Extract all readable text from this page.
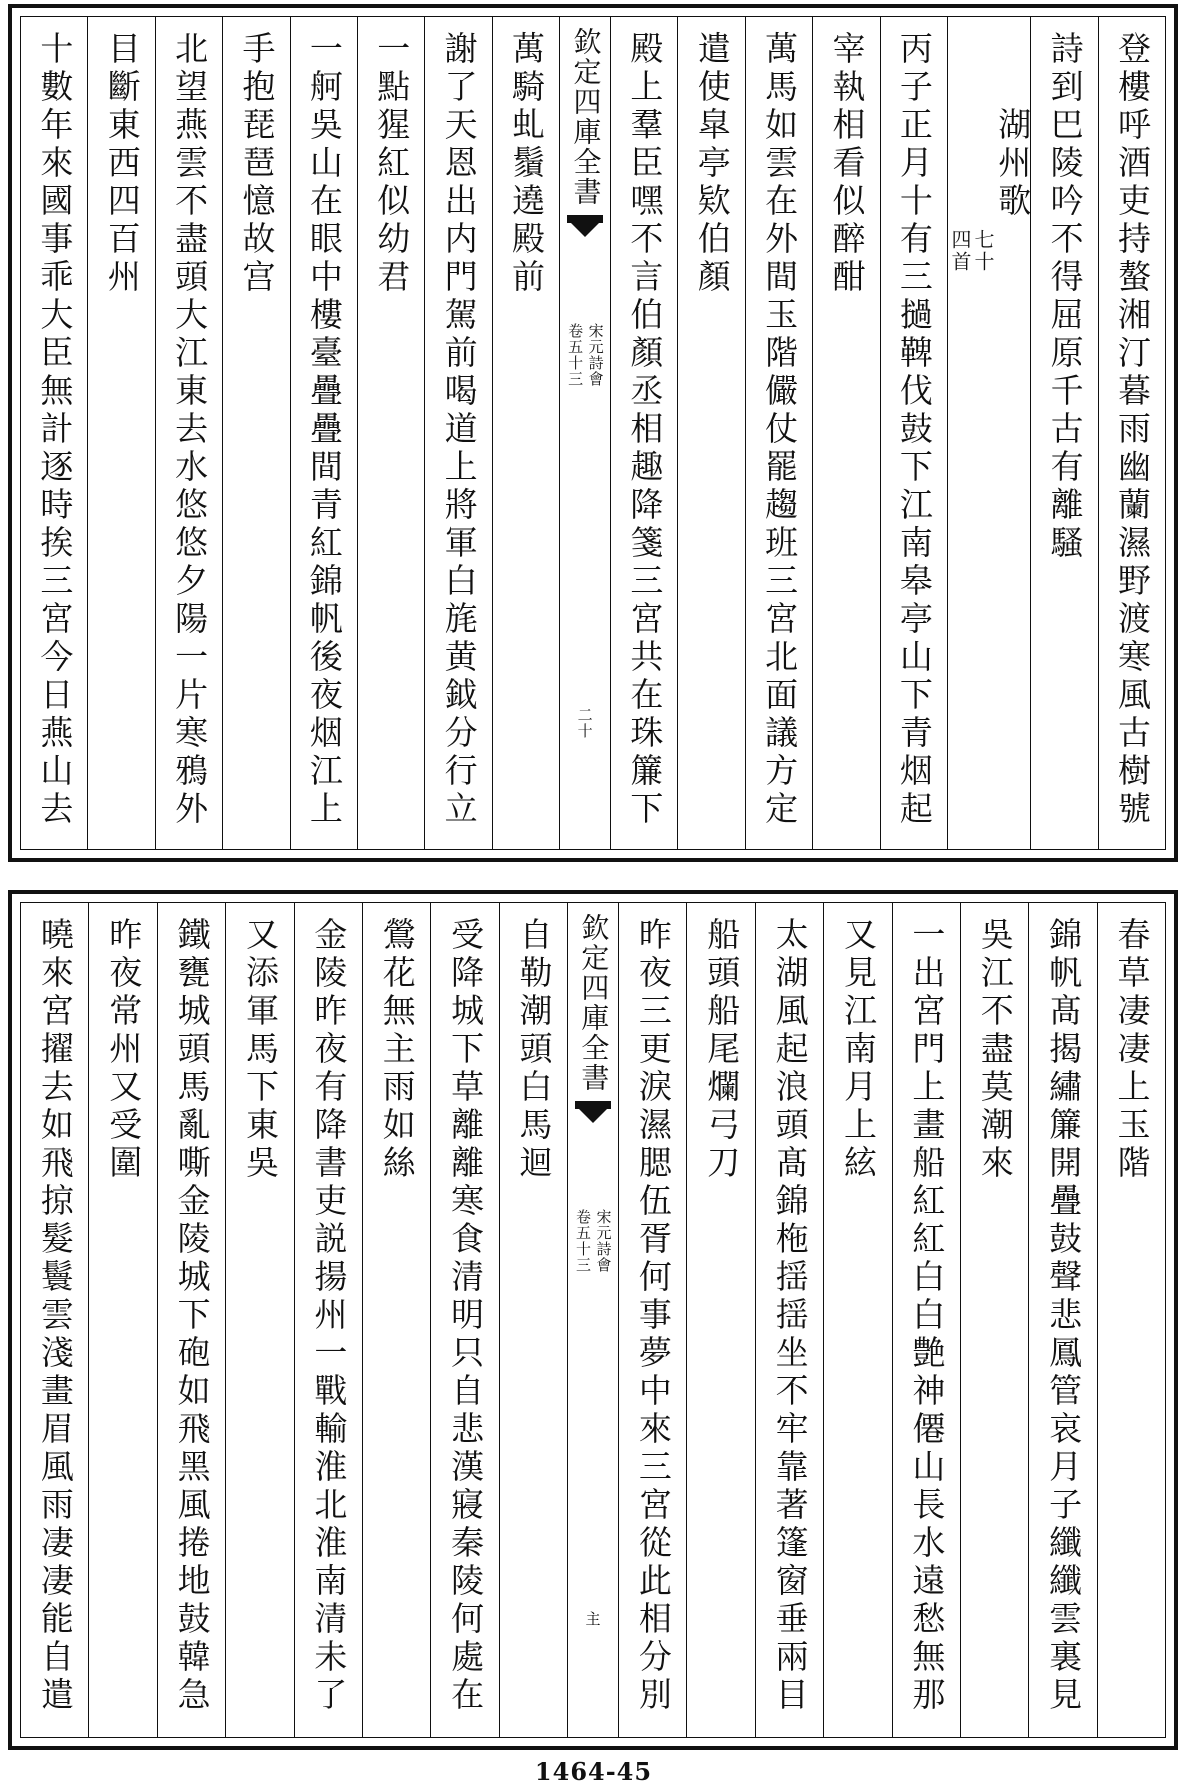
登樓呼酒吏持螯湘汀暮雨幽蘭濕野渡寒風古樹號
詩到巴陵吟不得屈原千古有離騷
湖州歌
七十
四首
丙子正月十有三撾鞞伐鼓下江南皋亭山下青烟起
宰執相看似醉酣
萬馬如雲在外間玉階儼仗罷趨班三宮北面議方定
遣使皐亭欵伯顏
殿上羣臣嘿不言伯顏丞相趣降箋三宮共在珠簾下
欽定四庫全書
宋元詩會
卷五十三
二十
萬騎虬鬚遶殿前
謝了天恩出内門駕前喝道上將軍白旄黄鉞分行立
一點猩紅似幼君
一舸吳山在眼中樓臺疊疊間青紅錦帆後夜烟江上
手抱琵琶憶故宫
北望燕雲不盡頭大江東去水悠悠夕陽一片寒鴉外
目斷東西四百州
十數年來國事乖大臣無計逐時挨三宮今日燕山去
春草凄凄上玉階
錦帆髙揭繡簾開疊鼓聲悲鳳管哀月子纖纖雲裏見
吳江不盡莫潮來
一出宮門上畫船紅紅白白艶神僊山長水遠愁無那
又見江南月上絃
太湖風起浪頭髙錦柂揺揺坐不牢靠著篷窗垂兩目
船頭船尾爛弓刀
昨夜三更淚濕腮伍胥何事夢中來三宮從此相分別
欽定四庫全書
宋元詩會
卷五十三
主
自勒潮頭白馬迴
受降城下草離離寒食清明只自悲漢寢秦陵何處在
鶯花無主雨如絲
金陵昨夜有降書吏説揚州一戰輸淮北淮南清未了
又添軍馬下東吳
鐵甕城頭馬亂嘶金陵城下砲如飛黑風捲地鼓韓急
昨夜常州又受圍
曉來宮擢去如飛掠髮鬟雲淺畫眉風雨凄凄能自遣
1464-45
